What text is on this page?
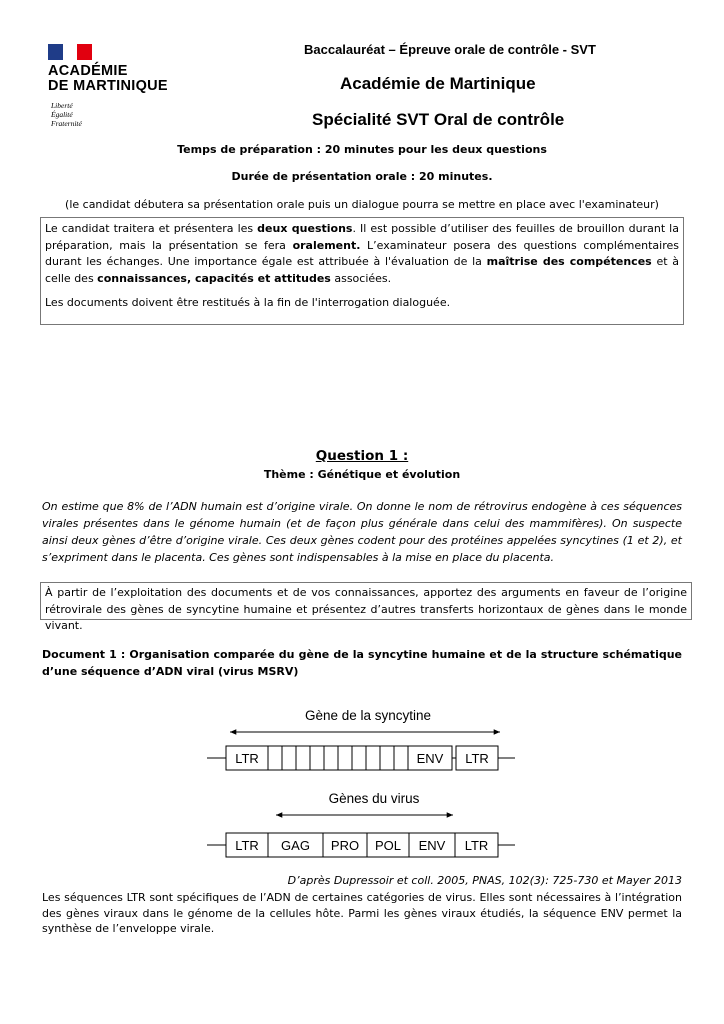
ACADÉMIE
DE MARTINIQUE
Liberté
Égalité
Fraternité
Baccalauréat – Épreuve orale de contrôle - SVT
Académie de Martinique
Spécialité SVT Oral de contrôle
Temps de préparation : 20 minutes pour les deux questions
Durée de présentation orale : 20 minutes.
(le candidat débutera sa présentation orale puis un dialogue pourra se mettre en place avec l'examinateur)

Le candidat traitera et présentera les deux questions. Il est possible d’utiliser des feuilles de brouillon durant la préparation, mais la présentation se fera oralement. L’examinateur posera des questions complémentaires durant les échanges. Une importance égale est attribuée à l'évaluation de la maîtrise des compétences et à celle des connaissances, capacités et attitudes associées.

Les documents doivent être restitués à la fin de l'interrogation dialoguée.

Question 1 :
Thème : Génétique et évolution
On estime que 8% de l’ADN humain est d’origine virale. On donne le nom de rétrovirus endogène à ces séquences virales présentes dans le génome humain (et de façon plus générale dans celui des mammifères). On suspecte ainsi deux gènes d’être d’origine virale. Ces deux gènes codent pour des protéines appelées syncytines (1 et 2), et s’expriment dans le placenta. Ces gènes sont indispensables à la mise en place du placenta.
À partir de l’exploitation des documents et de vos connaissances, apportez des arguments en faveur de l’origine rétrovirale des gènes de syncytine humaine et présentez d’autres transferts horizontaux de gènes dans le monde vivant.
Document 1 : Organisation comparée du gène de la syncytine humaine et de la structure schématique d’une séquence d’ADN viral (virus MSRV)
Gène de la syncytine
LTR	ENV LTR
Gènes du virus
LTR GAG PRO POL ENV LTR
D’après Dupressoir et coll. 2005, PNAS, 102(3): 725-730 et Mayer 2013
Les séquences LTR sont spécifiques de l’ADN de certaines catégories de virus. Elles sont nécessaires à l’intégration des gènes viraux dans le génome de la cellules hôte. Parmi les gènes viraux étudiés, la séquence ENV permet la synthèse de l’enveloppe virale.
